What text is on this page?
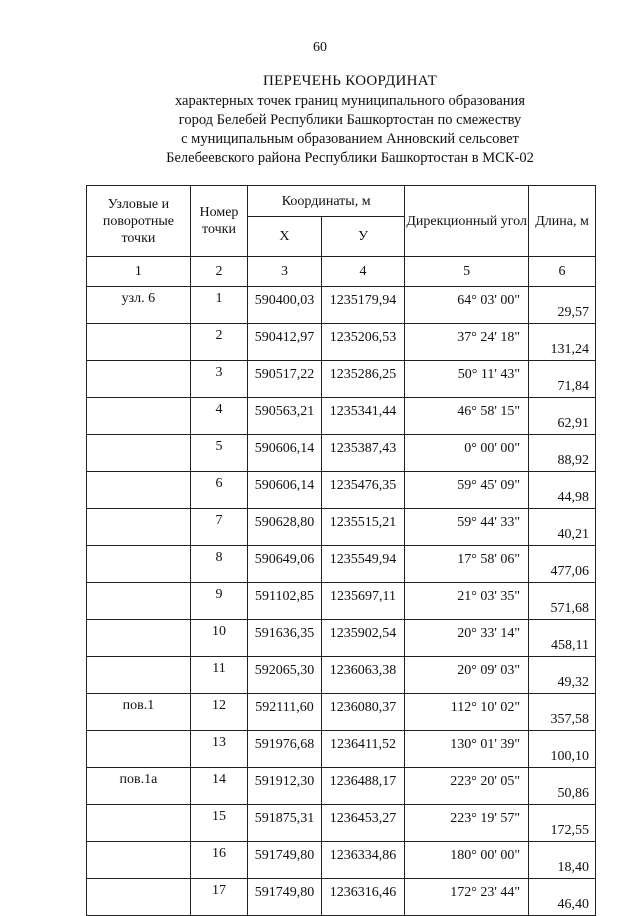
60
ПЕРЕЧЕНЬ КООРДИНАТ
характерных точек границ муниципального образования
город Белебей Республики Башкортостан по смежеству
с муниципальным образованием Анновский сельсовет
Белебеевского района Республики Башкортостан в МСК-02
Узловые и поворотные точки	Номер точки	Координаты, м		Дирекционный угол	Длина, м
		X	У		
1	2	3	4	5	6
узл. 6	1	590400,03	1235179,94	64° 03' 00"	29,57
	2	590412,97	1235206,53	37° 24' 18"	131,24
	3	590517,22	1235286,25	50° 11' 43"	71,84
	4	590563,21	1235341,44	46° 58' 15"	62,91
	5	590606,14	1235387,43	0° 00' 00"	88,92
	6	590606,14	1235476,35	59° 45' 09"	44,98
	7	590628,80	1235515,21	59° 44' 33"	40,21
	8	590649,06	1235549,94	17° 58' 06"	477,06
	9	591102,85	1235697,11	21° 03' 35"	571,68
	10	591636,35	1235902,54	20° 33' 14"	458,11
	11	592065,30	1236063,38	20° 09' 03"	49,32
пов.1	12	592111,60	1236080,37	112° 10' 02"	357,58
	13	591976,68	1236411,52	130° 01' 39"	100,10
пов.1а	14	591912,30	1236488,17	223° 20' 05"	50,86
	15	591875,31	1236453,27	223° 19' 57"	172,55
	16	591749,80	1236334,86	180° 00' 00"	18,40
	17	591749,80	1236316,46	172° 23' 44"	46,40
